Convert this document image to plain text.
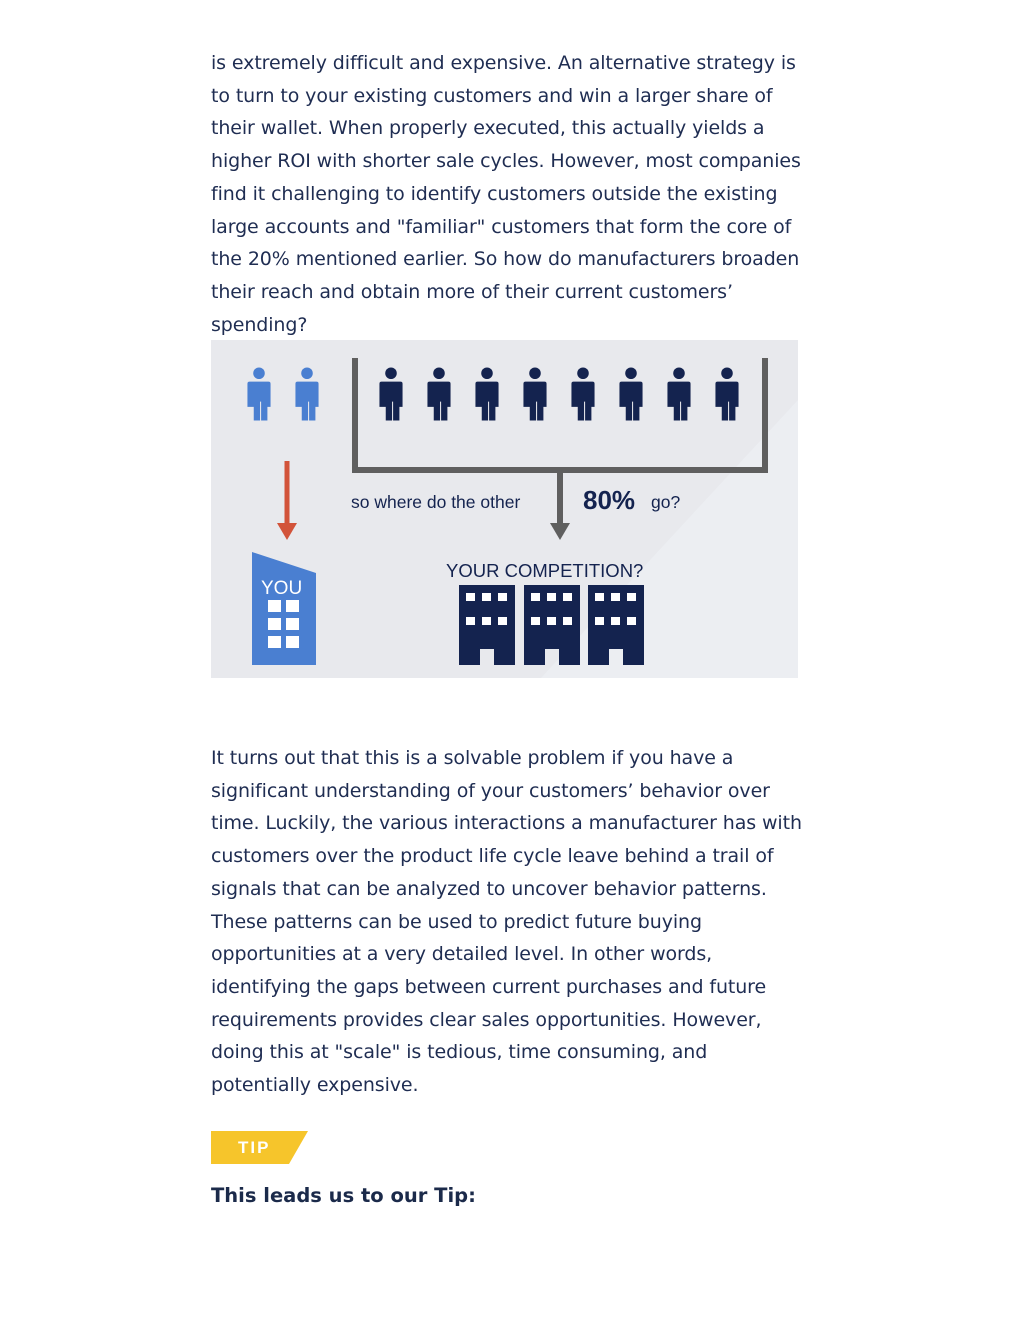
is extremely difficult and expensive. An alternative strategy is to turn to your existing customers and win a larger share of their wallet. When properly executed, this actually yields a higher ROI with shorter sale cycles. However, most companies find it challenging to identify customers outside the existing large accounts and "familiar" customers that form the core of the 20% mentioned earlier. So how do manufacturers broaden their reach and obtain more of their current customers’ spending?

so where do the other 80% go?
YOU
YOUR COMPETITION?

It turns out that this is a solvable problem if you have a significant understanding of your customers’ behavior over time. Luckily, the various interactions a manufacturer has with customers over the product life cycle leave behind a trail of signals that can be analyzed to uncover behavior patterns. These patterns can be used to predict future buying opportunities at a very detailed level. In other words, identifying the gaps between current purchases and future requirements provides clear sales opportunities. However, doing this at "scale" is tedious, time consuming, and potentially expensive.

TIP
This leads us to our Tip:
